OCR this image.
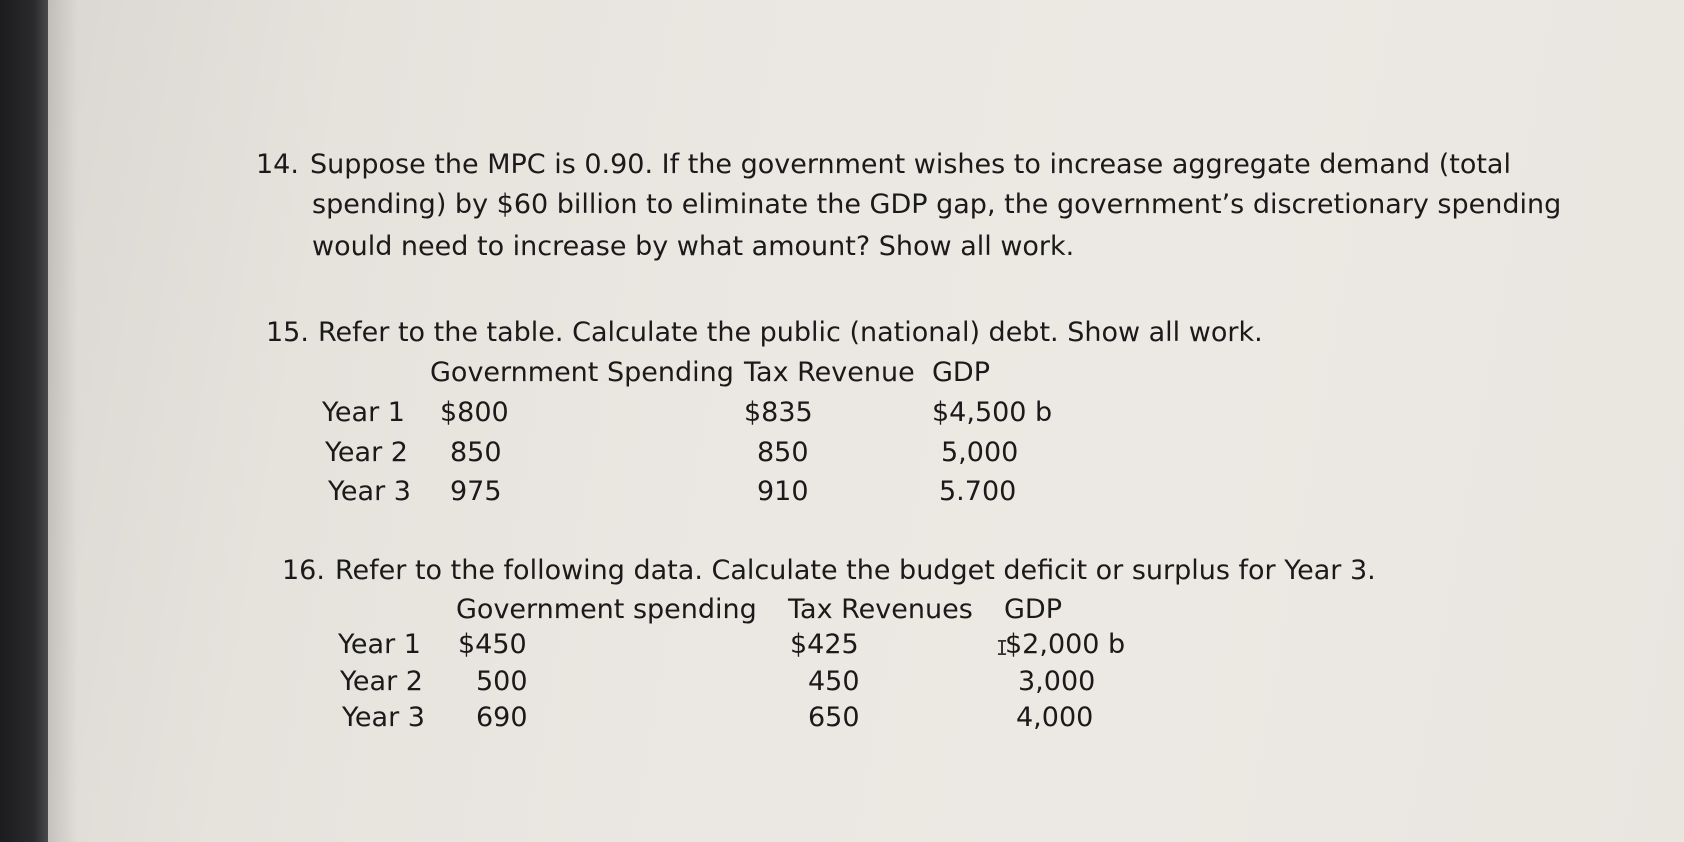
14. Suppose the MPC is 0.90. If the government wishes to increase aggregate demand (total
spending) by $60 billion to eliminate the GDP gap, the government’s discretionary spending
would need to increase by what amount? Show all work.
15. Refer to the table. Calculate the public (national) debt. Show all work.
Government Spending Tax Revenue GDP
Year 1 $800	$835	$4,500 b
Year 2 850	850	5,000
Year 3 975	910	5.700
16. Refer to the following data. Calculate the budget deficit or surplus for Year 3.
Government spending Tax Revenues GDP
Year 1 $450	$425	$2,000 b
Year 2 500	450	3,000
Year 3 690	650	4,000
I
